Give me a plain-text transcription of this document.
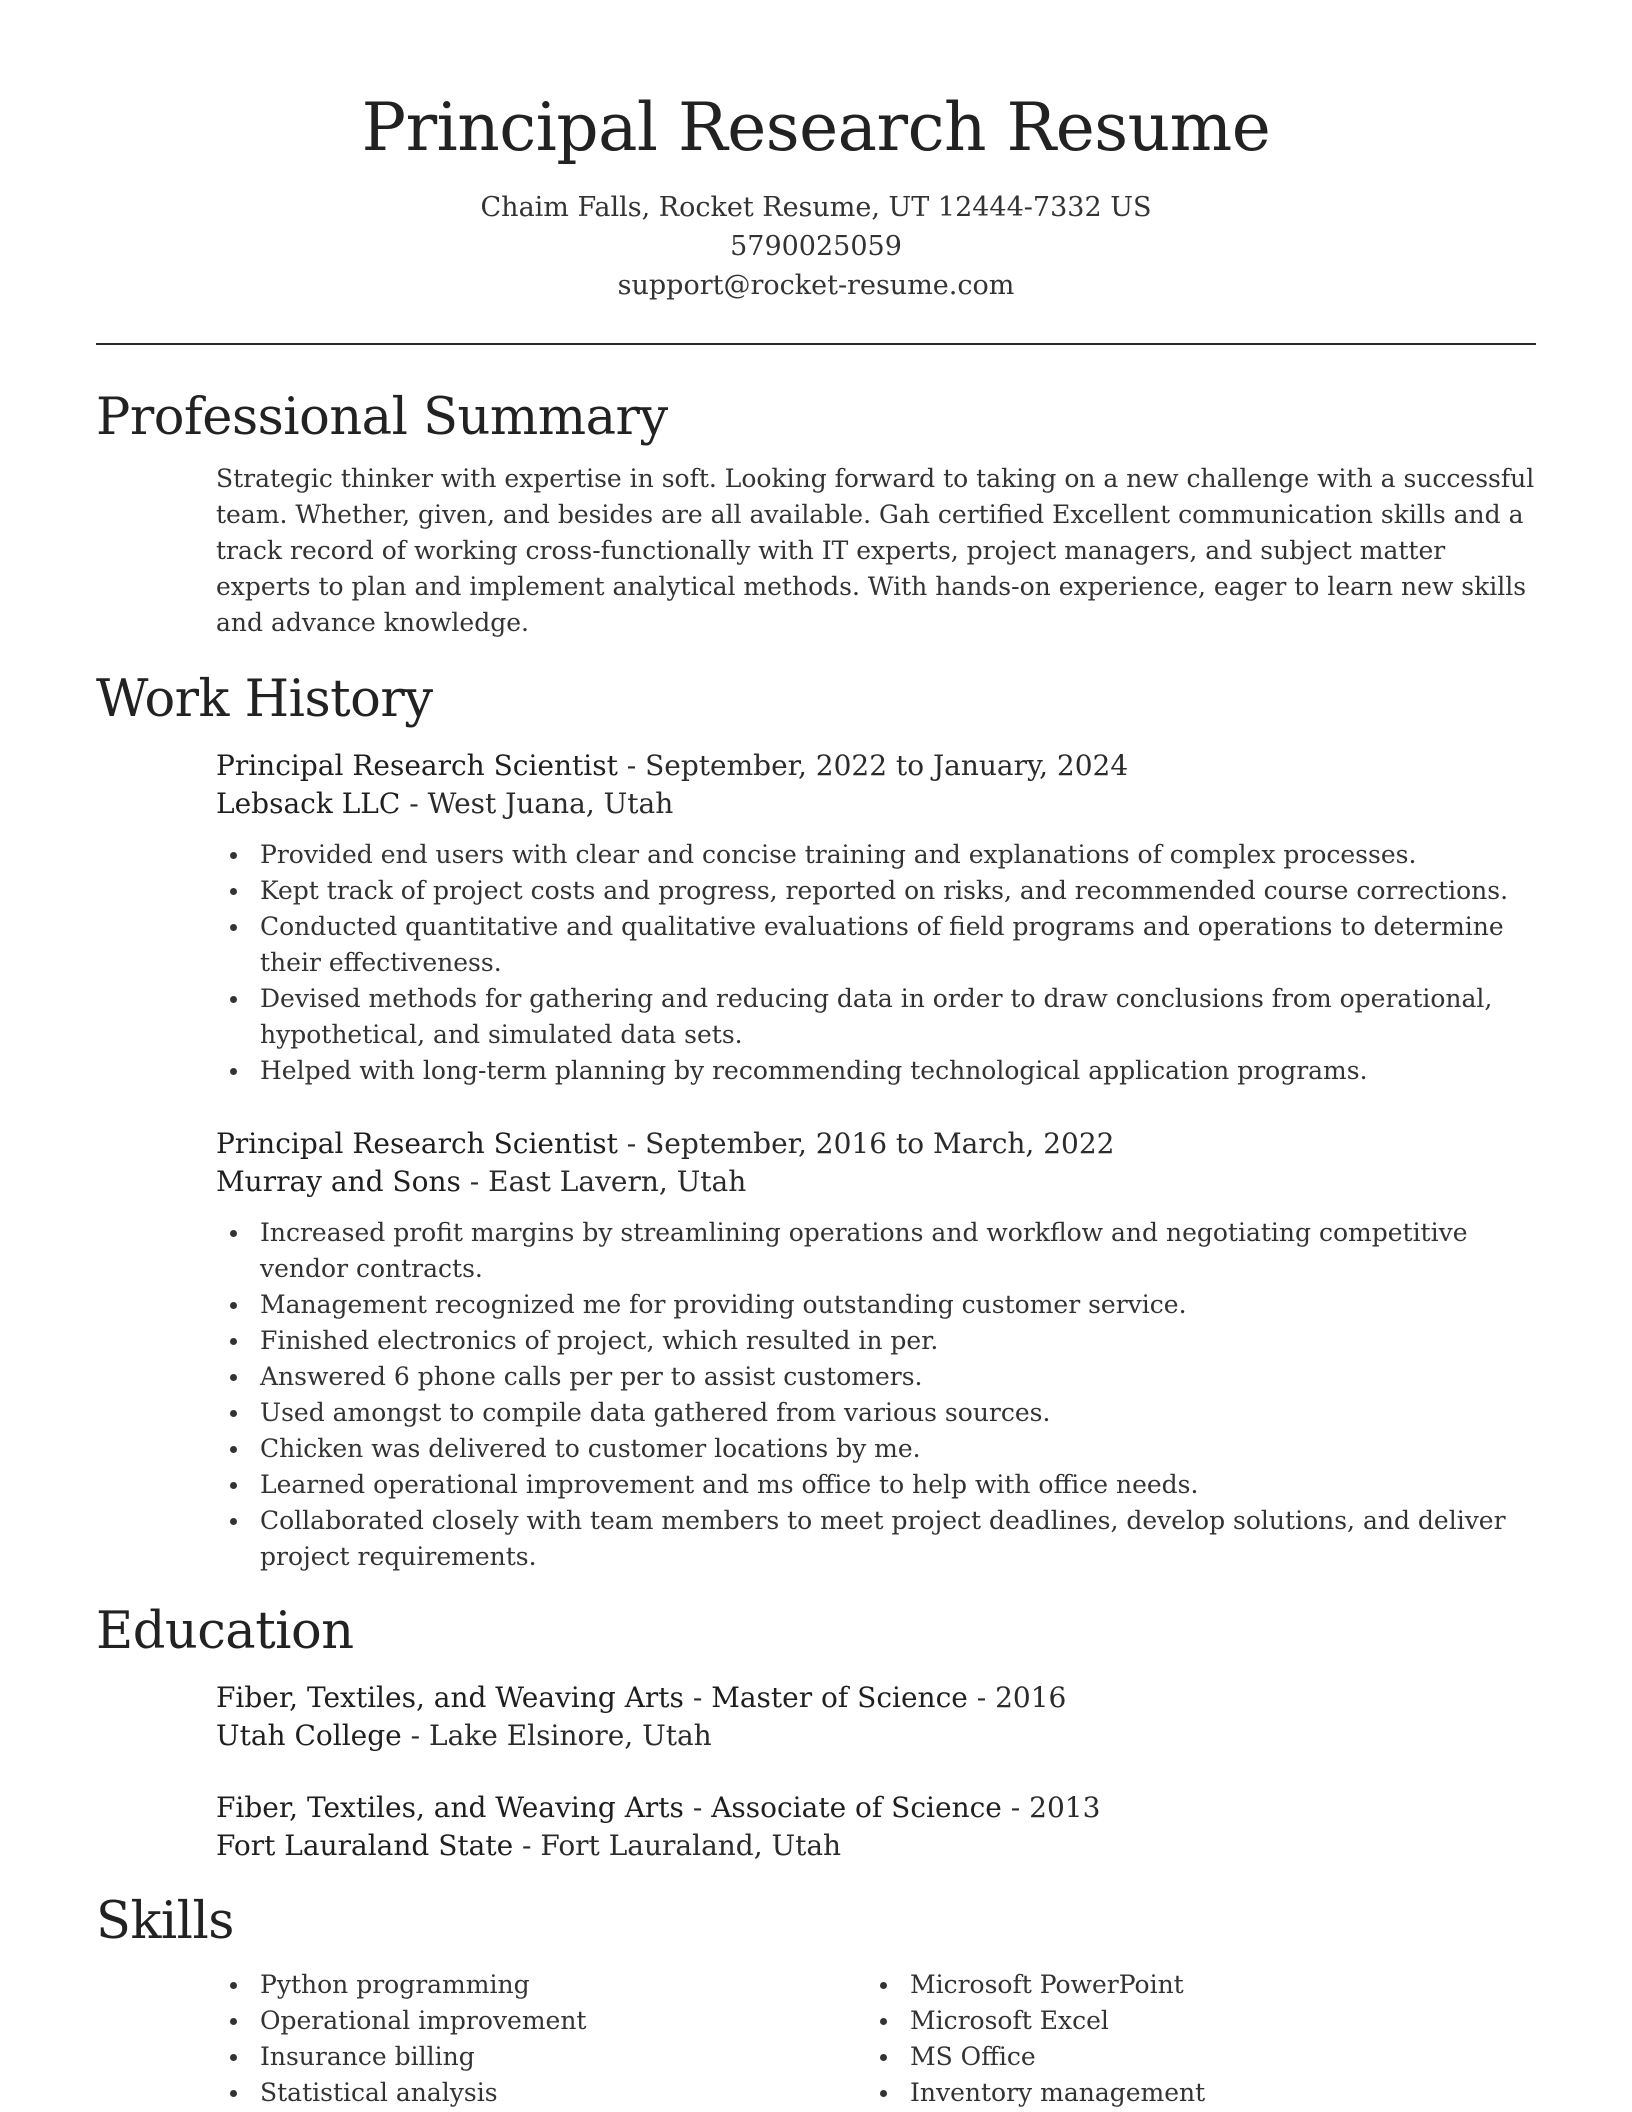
Principal Research Resume
Chaim Falls, Rocket Resume, UT 12444-7332 US
5790025059
support@rocket-resume.com
Professional Summary
Strategic thinker with expertise in soft. Looking forward to taking on a new challenge with a successful team. Whether, given, and besides are all available. Gah certified Excellent communication skills and a track record of working cross-functionally with IT experts, project managers, and subject matter experts to plan and implement analytical methods. With hands-on experience, eager to learn new skills and advance knowledge.
Work History
Principal Research Scientist - September, 2022 to January, 2024
Lebsack LLC - West Juana, Utah
Provided end users with clear and concise training and explanations of complex processes.
Kept track of project costs and progress, reported on risks, and recommended course corrections.
Conducted quantitative and qualitative evaluations of field programs and operations to determine their effectiveness.
Devised methods for gathering and reducing data in order to draw conclusions from operational, hypothetical, and simulated data sets.
Helped with long-term planning by recommending technological application programs.
Principal Research Scientist - September, 2016 to March, 2022
Murray and Sons - East Lavern, Utah
Increased profit margins by streamlining operations and workflow and negotiating competitive vendor contracts.
Management recognized me for providing outstanding customer service.
Finished electronics of project, which resulted in per.
Answered 6 phone calls per per to assist customers.
Used amongst to compile data gathered from various sources.
Chicken was delivered to customer locations by me.
Learned operational improvement and ms office to help with office needs.
Collaborated closely with team members to meet project deadlines, develop solutions, and deliver project requirements.
Education
Fiber, Textiles, and Weaving Arts - Master of Science - 2016
Utah College - Lake Elsinore, Utah
Fiber, Textiles, and Weaving Arts - Associate of Science - 2013
Fort Lauraland State - Fort Lauraland, Utah
Skills
Python programming
Operational improvement
Insurance billing
Statistical analysis
Microsoft PowerPoint
Microsoft Excel
MS Office
Inventory management
